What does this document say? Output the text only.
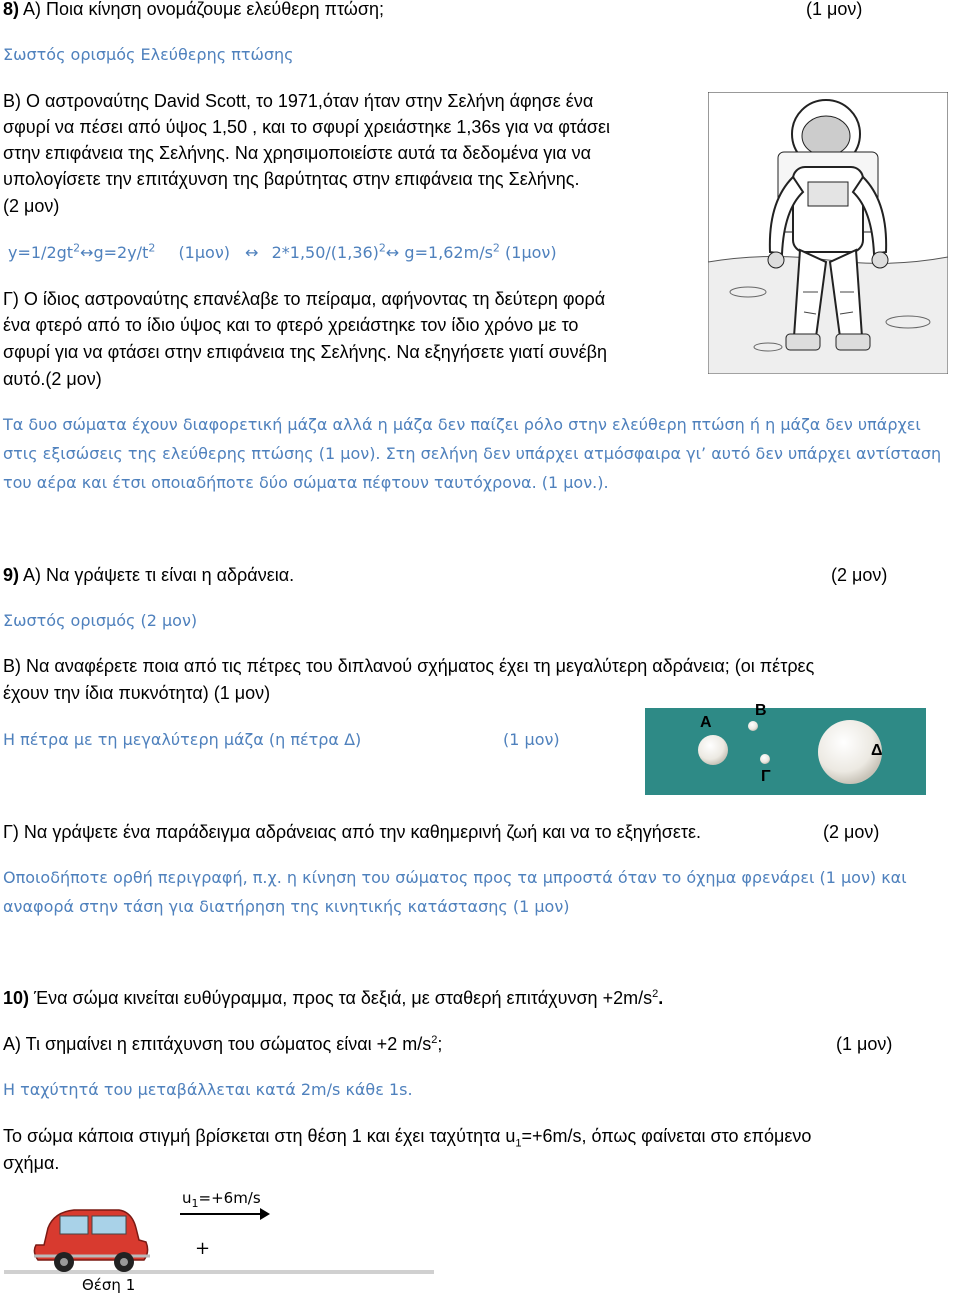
8) Α) Ποια κίνηση ονομάζουμε ελεύθερη πτώση;	(1 μον)
Σωστός ορισμός Ελεύθερης πτώσης
Β) Ο αστροναύτης David Scott, το 1971,όταν ήταν στην Σελήνη άφησε ένα
σφυρί να πέσει από ύψος 1,50 , και το σφυρί χρειάστηκε 1,36s για να φτάσει
στην επιφάνεια της Σελήνης. Να χρησιμοποιείστε αυτά τα δεδομένα για να
υπολογίσετε την επιτάχυνση της βαρύτητας στην επιφάνεια της Σελήνης.
(2 μον)
$y=1/2gt^2\leftrightarrow g=2y/t^2$ (1μον) ↔ $2*1,50/(1,36)^2\leftrightarrow$ $g=1,62m/s^2$ (1μον)
Γ) Ο ίδιος αστροναύτης επανέλαβε το πείραμα, αφήνοντας τη δεύτερη φορά
ένα φτερό από το ίδιο ύψος και το φτερό χρειάστηκε τον ίδιο χρόνο με το
σφυρί για να φτάσει στην επιφάνεια της Σελήνης. Να εξηγήσετε γιατί συνέβη
αυτό.(2 μον)
Τα δυο σώματα έχουν διαφορετική μάζα αλλά η μάζα δεν παίζει ρόλο στην ελεύθερη πτώση ή η μάζα δεν υπάρχει
στις εξισώσεις της ελεύθερης πτώσης (1 μον). Στη σελήνη δεν υπάρχει ατμόσφαιρα γι’ αυτό δεν υπάρχει αντίσταση
του αέρα και έτσι οποιαδήποτε δύο σώματα πέφτουν ταυτόχρονα. (1 μον.).
9) Α) Να γράψετε τι είναι η αδράνεια.	(2 μον)
Σωστός ορισμός (2 μον)
Β) Να αναφέρετε ποια από τις πέτρες του διπλανού σχήματος έχει τη μεγαλύτερη αδράνεια; (οι πέτρες
έχουν την ίδια πυκνότητα) (1 μον)
Η πέτρα με τη μεγαλύτερη μάζα (η πέτρα Δ)	(1 μον)
Α
Β
Γ
Δ
Γ) Να γράψετε ένα παράδειγμα αδράνειας από την καθημερινή ζωή και να το εξηγήσετε.	(2 μον)
Οποιοδήποτε ορθή περιγραφή, π.χ. η κίνηση του σώματος προς τα μπροστά όταν το όχημα φρενάρει (1 μον) και
αναφορά στην τάση για διατήρηση της κινητικής κατάστασης (1 μον)
10) Ένα σώμα κινείται ευθύγραμμα, προς τα δεξιά, με σταθερή $\varepsilon\pi\iota\tau ά\chi\upsilon\nu\sigma\eta +2m/s^2$.
Α) Τι σημαίνει η επιτάχυνση του σώματος είναι +2 $m/s^2$;	(1 μον)
Η ταχύτητά του μεταβάλλεται κατά 2m/s κάθε 1s.
Το σώμα κάποια στιγμή βρίσκεται στη θέση 1 και έχει ταχύτητα $u_1=+6m/s$, όπως φαίνεται στο επόμενο
σχήμα.
$u_1=+6m/s$
+
Θέση 1
